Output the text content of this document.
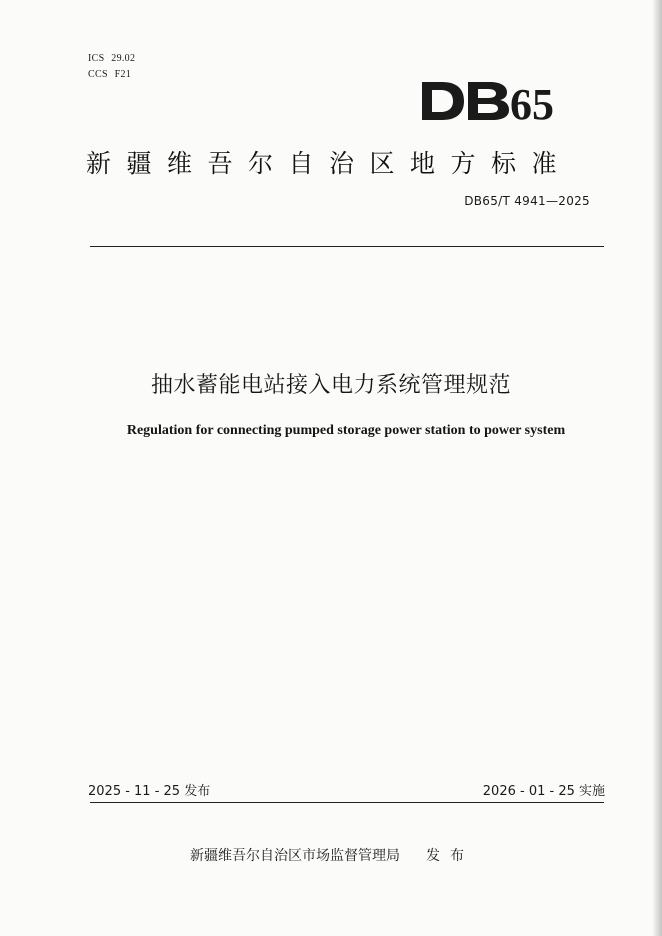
ICS 29.02
CCS F21
65
新疆维吾尔自治区地方标准
DB65/T 4941—2025
抽水蓄能电站接入电力系统管理规范
Regulation for connecting pumped storage power station to power system
2025 - 11 - 25 发布	2026 - 01 - 25 实施
新疆维吾尔自治区市场监督管理局 发布
